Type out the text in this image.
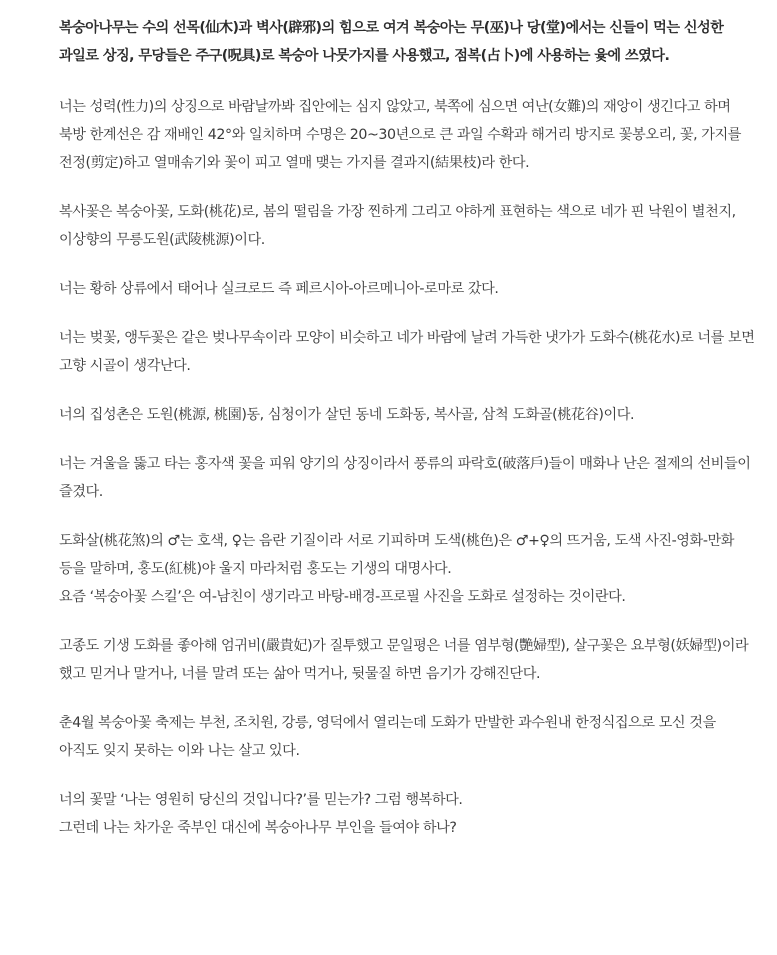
복숭아나무는 수의 선목(仙木)과 벽사(辟邪)의 힘으로 여겨 복숭아는 무(巫)나 당(堂)에서는 신들이 먹는 신성한 과일로 상징, 무당들은 주구(呪具)로 복숭아 나뭇가지를 사용했고, 점복(占卜)에 사용하는 윷에 쓰였다.

너는 성력(性力)의 상징으로 바람날까봐 집안에는 심지 않았고, 북쪽에 심으면 여난(女難)의 재앙이 생긴다고 하며 북방 한계선은 감 재배인 42°와 일치하며 수명은 20~30년으로 큰 과일 수확과 해거리 방지로 꽃봉오리, 꽃, 가지를 전정(剪定)하고 열매솎기와 꽃이 피고 열매 맺는 가지를 결과지(結果枝)라 한다.

복사꽃은 복숭아꽃, 도화(桃花)로, 봄의 떨림을 가장 찐하게 그리고 야하게 표현하는 색으로 네가 핀 낙원이 별천지, 이상향의 무릉도원(武陵桃源)이다.

너는 황하 상류에서 태어나 실크로드 즉 페르시아-아르메니아-로마로 갔다.

너는 벚꽃, 앵두꽃은 같은 벚나무속이라 모양이 비슷하고 네가 바람에 날려 가득한 냇가가 도화수(桃花水)로 너를 보면 고향 시골이 생각난다.

너의 집성촌은 도원(桃源, 桃園)동, 심청이가 살던 동네 도화동, 복사골, 삼척 도화골(桃花谷)이다.

너는 겨울을 뚫고 타는 홍자색 꽃을 피워 양기의 상징이라서 풍류의 파락호(破落戶)들이 매화나 난은 절제의 선비들이 즐겼다.

도화살(桃花煞)의 ♂는 호색, ♀는 음란 기질이라 서로 기피하며 도색(桃色)은 ♂+♀의 뜨거움, 도색 사진-영화-만화 등을 말하며, 홍도(紅桃)야 울지 마라처럼 홍도는 기생의 대명사다.
요즘 ‘복숭아꽃 스킬’은 여-남친이 생기라고 바탕-배경-프로필 사진을 도화로 설정하는 것이란다.

고종도 기생 도화를 좋아해 엄귀비(嚴貴妃)가 질투했고 문일평은 너를 염부형(艷婦型), 살구꽃은 요부형(妖婦型)이라 했고 믿거나 말거나, 너를 말려 또는 삶아 먹거나, 뒷물질 하면 음기가 강해진단다.

춘4월 복숭아꽃 축제는 부천, 조치원, 강릉, 영덕에서 열리는데 도화가 만발한 과수원내 한정식집으로 모신 것을 아직도 잊지 못하는 이와 나는 살고 있다.

너의 꽃말 ‘나는 영원히 당신의 것입니다?’를 믿는가? 그럼 행복하다.
그런데 나는 차가운 죽부인 대신에 복숭아나무 부인을 들여야 하나?
